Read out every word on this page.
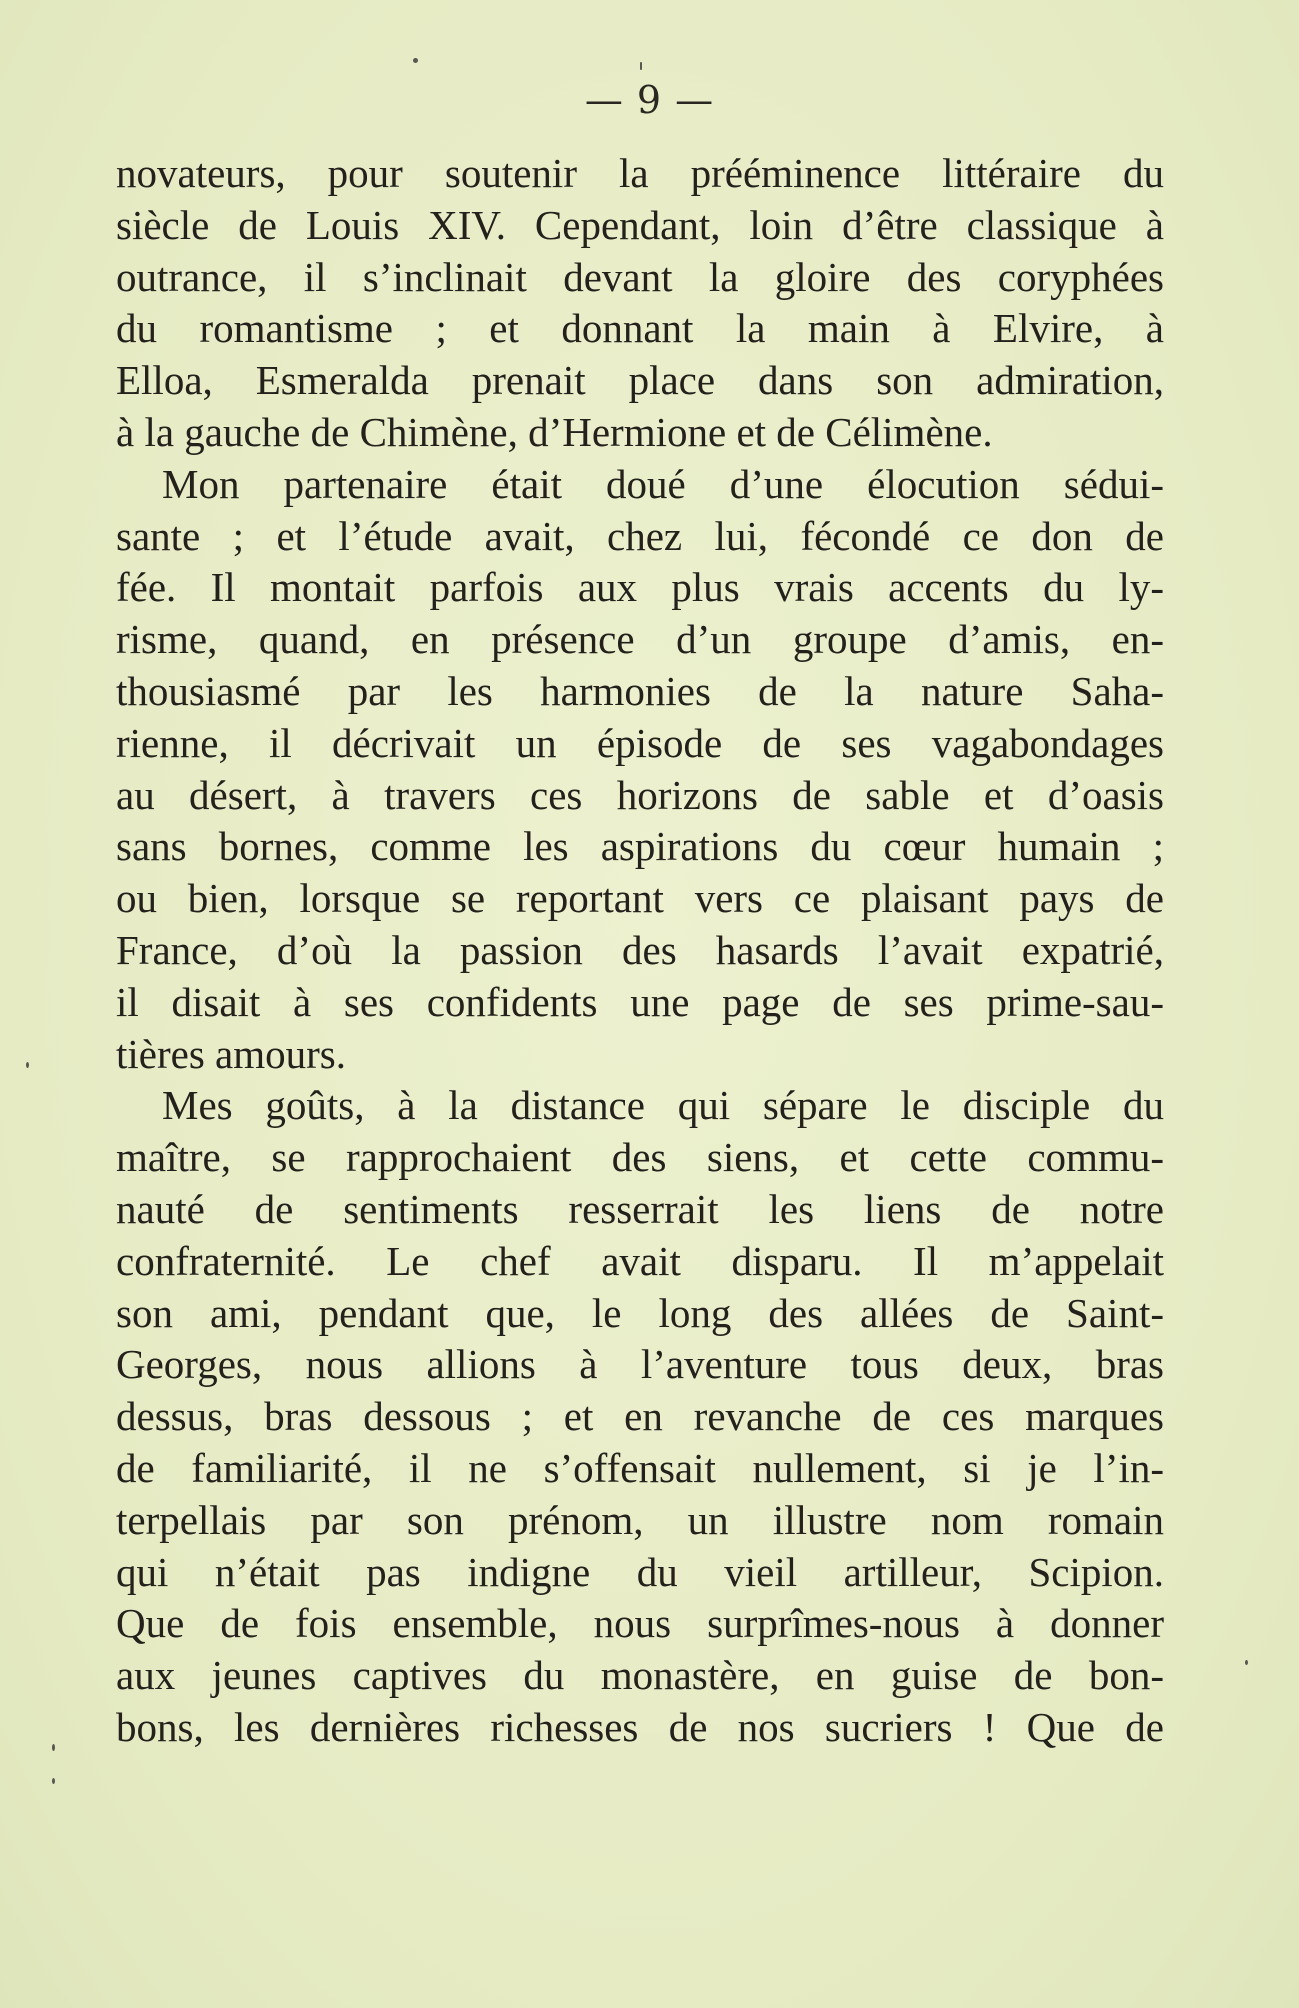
— 9 —
novateurs, pour soutenir la prééminence littéraire du
siècle de Louis XIV. Cependant, loin d’être classique à
outrance, il s’inclinait devant la gloire des coryphées
du romantisme ; et donnant la main à Elvire, à
Elloa, Esmeralda prenait place dans son admiration,
à la gauche de Chimène, d’Hermione et de Célimène.
Mon partenaire était doué d’une élocution sédui-
sante ; et l’étude avait, chez lui, fécondé ce don de
fée. Il montait parfois aux plus vrais accents du ly-
risme, quand, en présence d’un groupe d’amis, en-
thousiasmé par les harmonies de la nature Saha-
rienne, il décrivait un épisode de ses vagabondages
au désert, à travers ces horizons de sable et d’oasis
sans bornes, comme les aspirations du cœur humain ;
ou bien, lorsque se reportant vers ce plaisant pays de
France, d’où la passion des hasards l’avait expatrié,
il disait à ses confidents une page de ses prime-sau-
tières amours.
Mes goûts, à la distance qui sépare le disciple du
maître, se rapprochaient des siens, et cette commu-
nauté de sentiments resserrait les liens de notre
confraternité. Le chef avait disparu. Il m’appelait
son ami, pendant que, le long des allées de Saint-
Georges, nous allions à l’aventure tous deux, bras
dessus, bras dessous ; et en revanche de ces marques
de familiarité, il ne s’offensait nullement, si je l’in-
terpellais par son prénom, un illustre nom romain
qui n’était pas indigne du vieil artilleur, Scipion.
Que de fois ensemble, nous surprîmes-nous à donner
aux jeunes captives du monastère, en guise de bon-
bons, les dernières richesses de nos sucriers ! Que de
